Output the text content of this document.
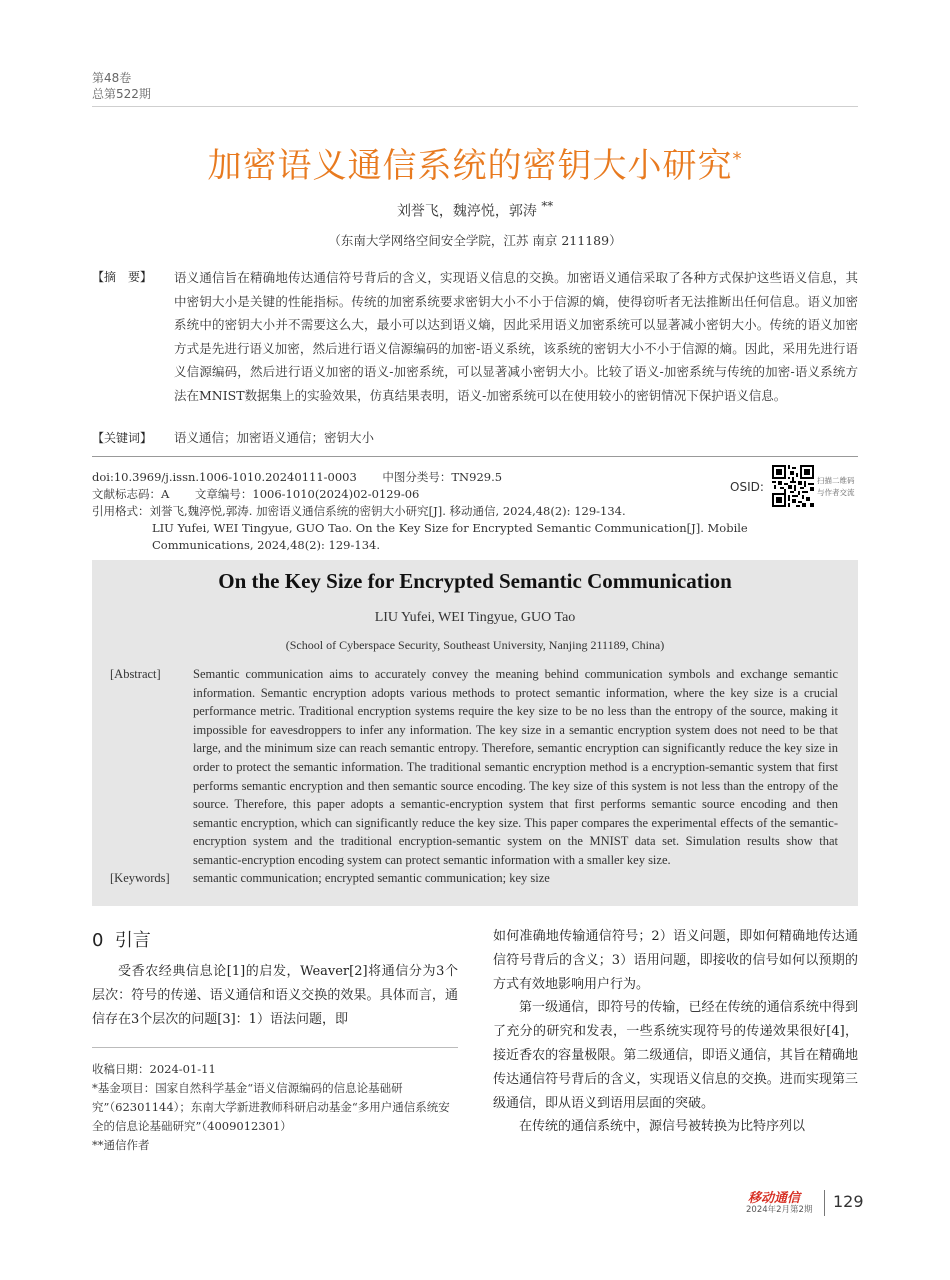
第48卷
总第522期
加密语义通信系统的密钥大小研究*
刘誉飞，魏渟悦，郭涛 **
（东南大学网络空间安全学院，江苏 南京 211189）
【摘　要】 语义通信旨在精确地传达通信符号背后的含义，实现语义信息的交换。加密语义通信采取了各种方式保护这些语义信息，其中密钥大小是关键的性能指标。传统的加密系统要求密钥大小不小于信源的熵，使得窃听者无法推断出任何信息。语义加密系统中的密钥大小并不需要这么大，最小可以达到语义熵，因此采用语义加密系统可以显著减小密钥大小。传统的语义加密方式是先进行语义加密，然后进行语义信源编码的加密-语义系统，该系统的密钥大小不小于信源的熵。因此，采用先进行语义信源编码，然后进行语义加密的语义-加密系统，可以显著减小密钥大小。比较了语义-加密系统与传统的加密-语义系统方法在MNIST数据集上的实验效果，仿真结果表明，语义-加密系统可以在使用较小的密钥情况下保护语义信息。
【关键词】 语义通信；加密语义通信；密钥大小
doi:10.3969/j.issn.1006-1010.20240111-0003 中图分类号：TN929.5
文献标志码：A 文章编号：1006-1010(2024)02-0129-06
引用格式：刘誉飞,魏渟悦,郭涛. 加密语义通信系统的密钥大小研究[J]. 移动通信, 2024,48(2): 129-134.
LIU Yufei, WEI Tingyue, GUO Tao. On the Key Size for Encrypted Semantic Communication[J]. Mobile Communications, 2024,48(2): 129-134.
OSID:	扫描二维码
与作者交流
On the Key Size for Encrypted Semantic Communication
LIU Yufei, WEI Tingyue, GUO Tao
(School of Cyberspace Security, Southeast University, Nanjing 211189, China)
[Abstract]	Semantic communication aims to accurately convey the meaning behind communication symbols and exchange semantic information. Semantic encryption adopts various methods to protect semantic information, where the key size is a crucial performance metric. Traditional encryption systems require the key size to be no less than the entropy of the source, making it impossible for eavesdroppers to infer any information. The key size in a semantic encryption system does not need to be that large, and the minimum size can reach semantic entropy. Therefore, semantic encryption can significantly reduce the key size in order to protect the semantic information. The traditional semantic encryption method is a encryption-semantic system that first performs semantic encryption and then semantic source encoding. The key size of this system is not less than the entropy of the source. Therefore, this paper adopts a semantic-encryption system that first performs semantic source encoding and then semantic encryption, which can significantly reduce the key size. This paper compares the experimental effects of the semantic-encryption system and the traditional encryption-semantic system on the MNIST data set. Simulation results show that semantic-encryption encoding system can protect semantic information with a smaller key size.
[Keywords] semantic communication; encrypted semantic communication; key size
0 引言

受香农经典信息论[1]的启发，Weaver[2]将通信分为3个层次：符号的传递、语义通信和语义交换的效果。具体而言，通信存在3个层次的问题[3]：1）语法问题，即

如何准确地传输通信符号；2）语义问题，即如何精确地传达通信符号背后的含义；3）语用问题，即接收的信号如何以预期的方式有效地影响用户行为。

第一级通信，即符号的传输，已经在传统的通信系统中得到了充分的研究和发表，一些系统实现符号的传递效果很好[4]，接近香农的容量极限。第二级通信，即语义通信，其旨在精确地传达通信符号背后的含义，实现语义信息的交换。进而实现第三级通信，即从语义到语用层面的突破。

在传统的通信系统中，源信号被转换为比特序列以

收稿日期：2024-01-11
*基金项目：国家自然科学基金“语义信源编码的信息论基础研究”（62301144）；东南大学新进教师科研启动基金“多用户通信系统安全的信息论基础研究”（4009012301）
**通信作者
移动通信
2024年2月第2期 129
